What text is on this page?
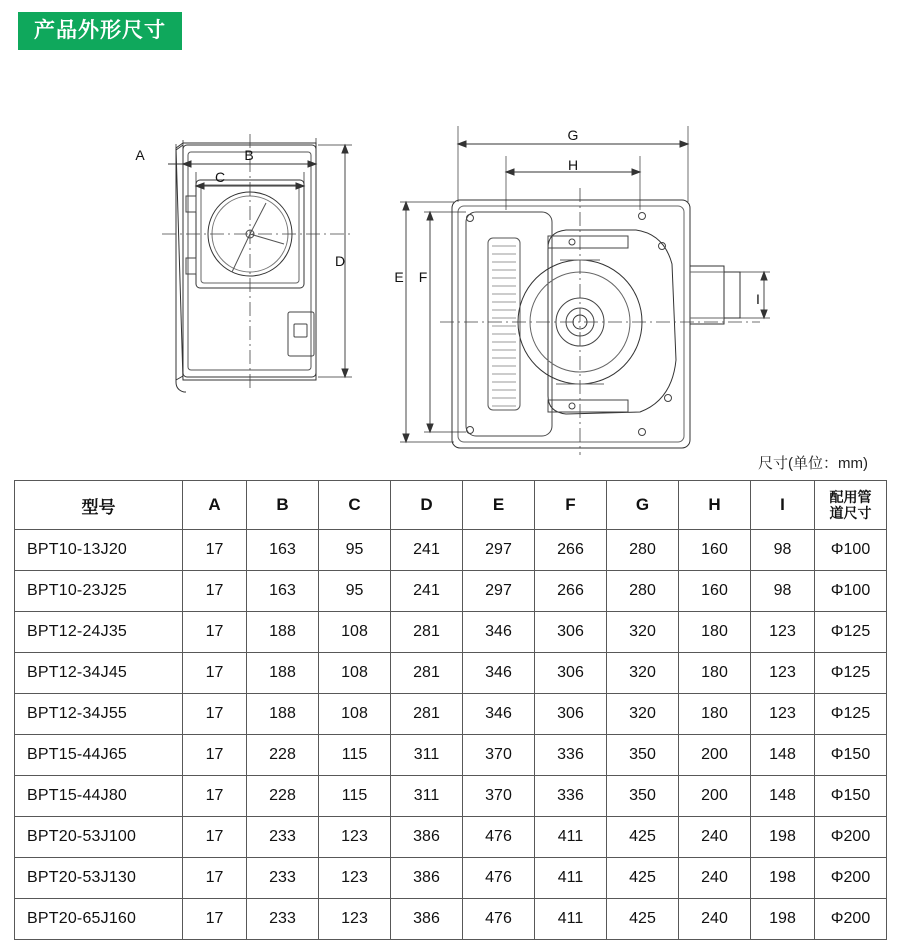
产品外形尺寸
A	B
C
D
G
H
E F
I
尺寸(单位：mm)
型号	A	B	C	D	E	F	G	H	I	配用管
道尺寸

BPT10-13J20	17	163	95	241	297	266	280	160	98	Φ100
BPT10-23J25	17	163	95	241	297	266	280	160	98	Φ100
BPT12-24J35	17	188	108	281	346	306	320	180	123	Φ125
BPT12-34J45	17	188	108	281	346	306	320	180	123	Φ125
BPT12-34J55	17	188	108	281	346	306	320	180	123	Φ125
BPT15-44J65	17	228	115	311	370	336	350	200	148	Φ150
BPT15-44J80	17	228	115	311	370	336	350	200	148	Φ150
BPT20-53J100	17	233	123	386	476	411	425	240	198	Φ200
BPT20-53J130	17	233	123	386	476	411	425	240	198	Φ200
BPT20-65J160	17	233	123	386	476	411	425	240	198	Φ200
